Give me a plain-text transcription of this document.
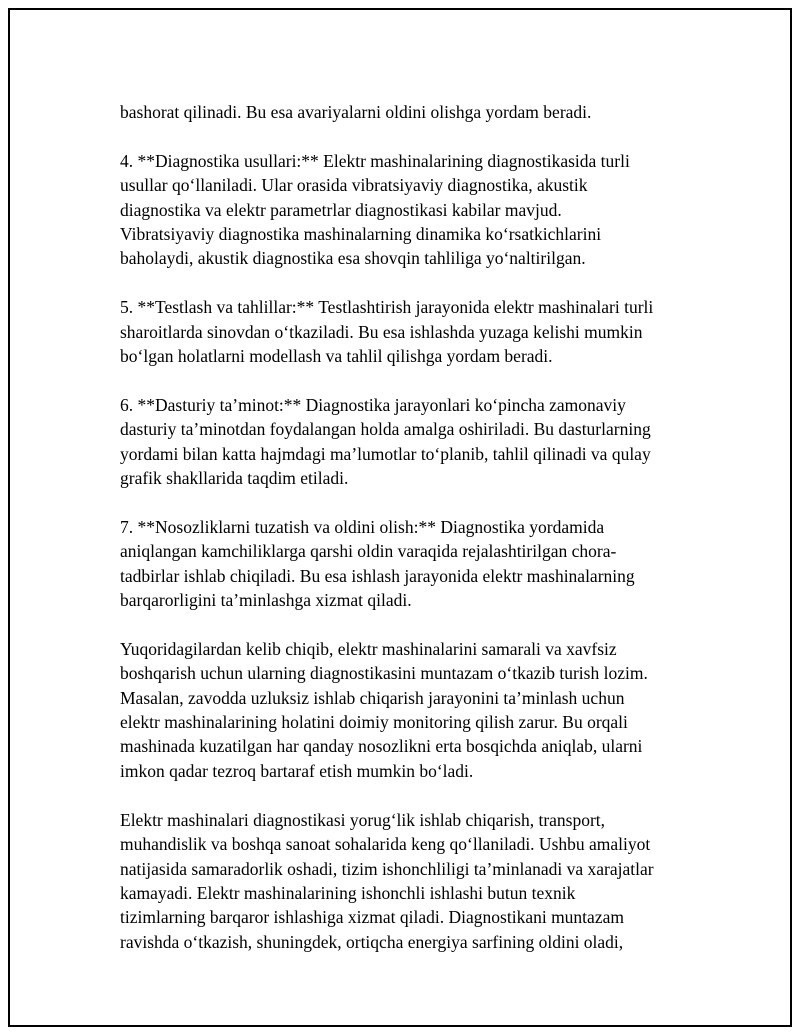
bashorat qilinadi. Bu esa avariyalarni oldini olishga yordam beradi.
4. **Diagnostika usullari:** Elektr mashinalarining diagnostikasida turli
usullar qo‘llaniladi. Ular orasida vibratsiyaviy diagnostika, akustik
diagnostika va elektr parametrlar diagnostikasi kabilar mavjud.
Vibratsiyaviy diagnostika mashinalarning dinamika ko‘rsatkichlarini
baholaydi, akustik diagnostika esa shovqin tahliliga yo‘naltirilgan.
5. **Testlash va tahlillar:** Testlashtirish jarayonida elektr mashinalari turli
sharoitlarda sinovdan o‘tkaziladi. Bu esa ishlashda yuzaga kelishi mumkin
bo‘lgan holatlarni modellash va tahlil qilishga yordam beradi.
6. **Dasturiy ta’minot:** Diagnostika jarayonlari ko‘pincha zamonaviy
dasturiy ta’minotdan foydalangan holda amalga oshiriladi. Bu dasturlarning
yordami bilan katta hajmdagi ma’lumotlar to‘planib, tahlil qilinadi va qulay
grafik shakllarida taqdim etiladi.
7. **Nosozliklarni tuzatish va oldini olish:** Diagnostika yordamida
aniqlangan kamchiliklarga qarshi oldin varaqida rejalashtirilgan chora-
tadbirlar ishlab chiqiladi. Bu esa ishlash jarayonida elektr mashinalarning
barqarorligini ta’minlashga xizmat qiladi.
Yuqoridagilardan kelib chiqib, elektr mashinalarini samarali va xavfsiz
boshqarish uchun ularning diagnostikasini muntazam o‘tkazib turish lozim.
Masalan, zavodda uzluksiz ishlab chiqarish jarayonini ta’minlash uchun
elektr mashinalarining holatini doimiy monitoring qilish zarur. Bu orqali
mashinada kuzatilgan har qanday nosozlikni erta bosqichda aniqlab, ularni
imkon qadar tezroq bartaraf etish mumkin bo‘ladi.
Elektr mashinalari diagnostikasi yorug‘lik ishlab chiqarish, transport,
muhandislik va boshqa sanoat sohalarida keng qo‘llaniladi. Ushbu amaliyot
natijasida samaradorlik oshadi, tizim ishonchliligi ta’minlanadi va xarajatlar
kamayadi. Elektr mashinalarining ishonchli ishlashi butun texnik
tizimlarning barqaror ishlashiga xizmat qiladi. Diagnostikani muntazam
ravishda o‘tkazish, shuningdek, ortiqcha energiya sarfining oldini oladi,
